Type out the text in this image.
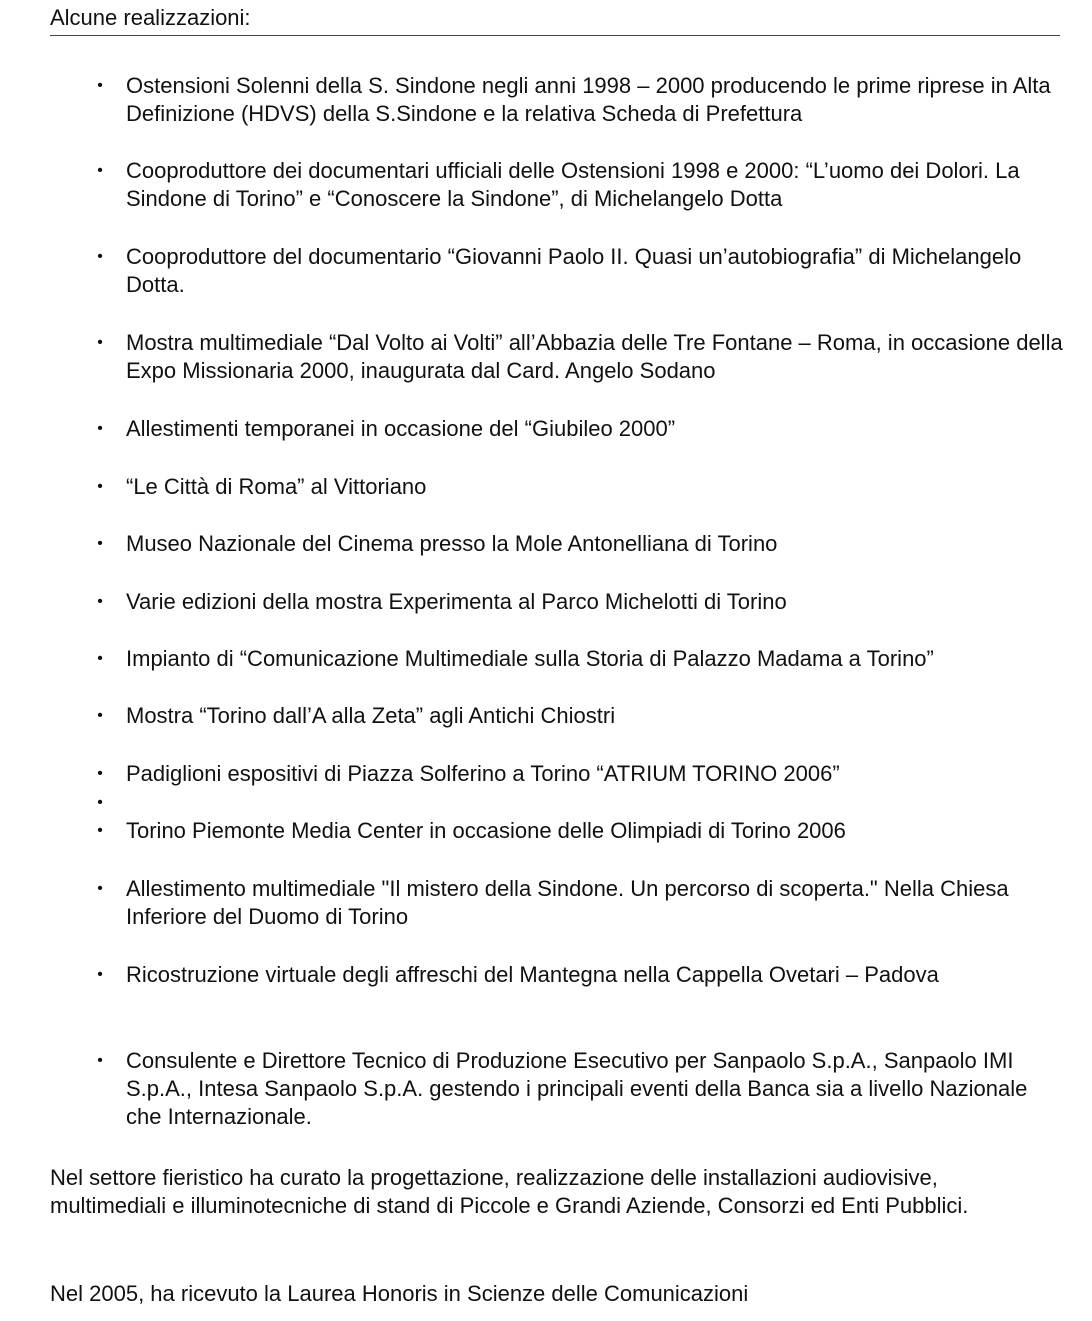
Alcune realizzazioni:
• Ostensioni Solenni della S. Sindone negli anni 1998 – 2000 producendo le prime riprese in Alta Definizione (HDVS) della S.Sindone e la relativa Scheda di Prefettura
• Cooproduttore dei documentari ufficiali delle Ostensioni 1998 e 2000: “L’uomo dei Dolori. La Sindone di Torino” e “Conoscere la Sindone”, di Michelangelo Dotta
• Cooproduttore del documentario “Giovanni Paolo II. Quasi un’autobiografia” di Michelangelo Dotta.
• Mostra multimediale “Dal Volto ai Volti” all’Abbazia delle Tre Fontane – Roma, in occasione della Expo Missionaria 2000, inaugurata dal Card. Angelo Sodano
• Allestimenti temporanei in occasione del “Giubileo 2000”
• “Le Città di Roma” al Vittoriano
• Museo Nazionale del Cinema presso la Mole Antonelliana di Torino
• Varie edizioni della mostra Experimenta al Parco Michelotti di Torino
• Impianto di “Comunicazione Multimediale sulla Storia di Palazzo Madama a Torino”
• Mostra “Torino dall’A alla Zeta” agli Antichi Chiostri
• Padiglioni espositivi di Piazza Solferino a Torino “ATRIUM TORINO 2006”
•
• Torino Piemonte Media Center in occasione delle Olimpiadi di Torino 2006
• Allestimento multimediale "Il mistero della Sindone. Un percorso di scoperta." Nella Chiesa Inferiore del Duomo di Torino
• Ricostruzione virtuale degli affreschi del Mantegna nella Cappella Ovetari – Padova
• Consulente e Direttore Tecnico di Produzione Esecutivo per Sanpaolo S.p.A., Sanpaolo IMI S.p.A., Intesa Sanpaolo S.p.A. gestendo i principali eventi della Banca sia a livello Nazionale che Internazionale.

Nel settore fieristico ha curato la progettazione, realizzazione delle installazioni audiovisive, multimediali e illuminotecniche di stand di Piccole e Grandi Aziende, Consorzi ed Enti Pubblici.

Nel 2005, ha ricevuto la Laurea Honoris in Scienze delle Comunicazioni
